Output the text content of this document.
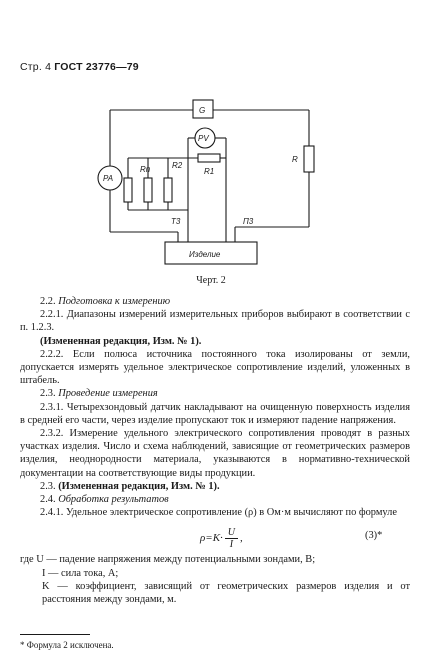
Стр. 4 ГОСТ 23776—79
G
PA
T3
R
П3
PV
R1
Rп	R2
Изделие
Черт. 2

2.2. Подготовка к измерению

2.2.1. Диапазоны измерений измерительных приборов выбирают в соответствии с п. 1.2.3.

(Измененная редакция, Изм. № 1).

2.2.2. Если полюса источника постоянного тока изолированы от земли, допускается измерять удельное электрическое сопротивление изделий, уложенных в штабель.

2.3. Проведение измерения

2.3.1. Четырехзондовый датчик накладывают на очищенную поверхность изделия в средней его части, через изделие пропускают ток и измеряют падение напряжения.

2.3.2. Измерение удельного электрического сопротивления проводят в разных участках изделия. Число и схема наблюдений, зависящие от геометрических размеров изделия, неоднородности материала, указываются в нормативно-технической документации на соответствующие виды продукции.

2.3. (Измененная редакция, Изм. № 1).

2.4. Обработка результатов

2.4.1. Удельное электрическое сопротивление (ρ) в Ом·м вычисляют по формуле

$\rho=K\cdot \frac{U}{I}$ ,	(3)*

где U — падение напряжения между потенциальными зондами, В;

I — сила тока, А;

K — коэффициент, зависящий от геометрических размеров изделия и от расстояния между зондами, м.

* Формула 2 исключена.
